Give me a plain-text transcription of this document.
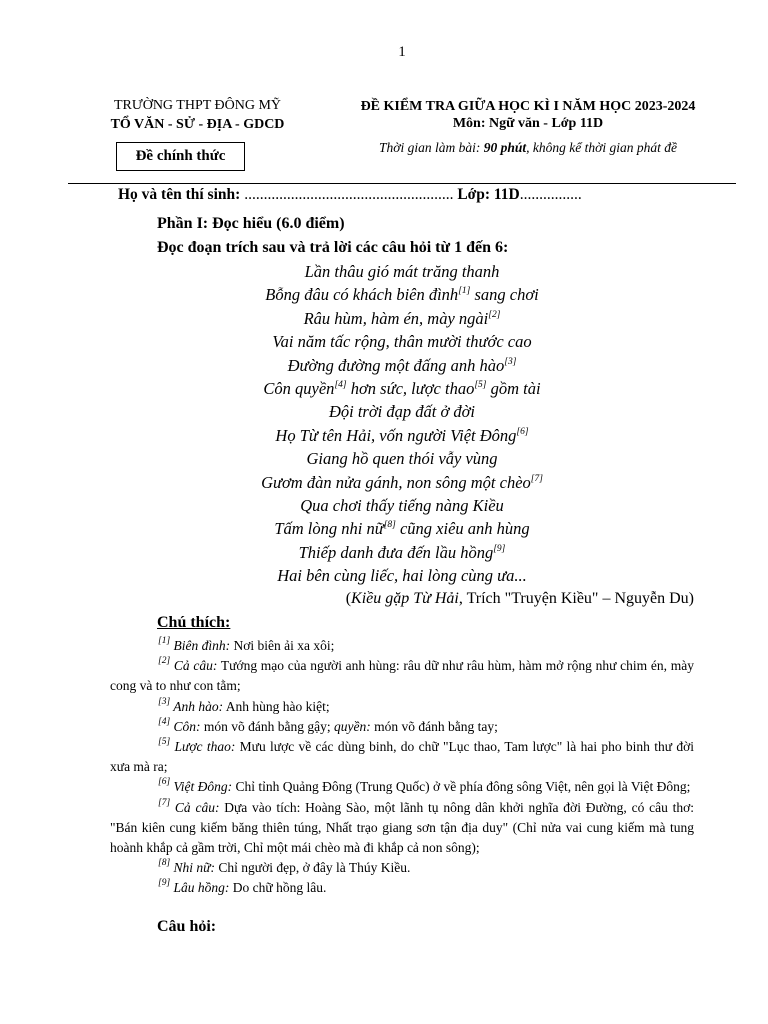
1
TRƯỜNG THPT ĐÔNG MỸ
TỔ VĂN - SỬ - ĐỊA - GDCD
Đề chính thức
ĐỀ KIỂM TRA GIỮA HỌC KÌ I NĂM HỌC 2023-2024
Môn: Ngữ văn - Lớp 11D
Thời gian làm bài: 90 phút, không kể thời gian phát đề
Họ và tên thí sinh: ...................................................... Lớp: 11D................
Phần I: Đọc hiểu (6.0 điểm)
Đọc đoạn trích sau và trả lời các câu hỏi từ 1 đến 6:
Lần thâu gió mát trăng thanh
Bỗng đâu có khách biên đình[1] sang chơi
Râu hùm, hàm én, mày ngài[2]
Vai năm tấc rộng, thân mười thước cao
Đường đường một đấng anh hào[3]
Côn quyền[4] hơn sức, lược thao[5] gồm tài
Đội trời đạp đất ở đời
Họ Từ tên Hải, vốn người Việt Đông[6]
Giang hồ quen thói vẫy vùng
Gươm đàn nửa gánh, non sông một chèo[7]
Qua chơi thấy tiếng nàng Kiều
Tấm lòng nhi nữ[8] cũng xiêu anh hùng
Thiếp danh đưa đến lầu hồng[9]
Hai bên cùng liếc, hai lòng cùng ưa...
(Kiều gặp Từ Hải, Trích "Truyện Kiều" – Nguyễn Du)
Chú thích:

[1] Biên đình: Nơi biên ải xa xôi;

[2] Cả câu: Tướng mạo của người anh hùng: râu dữ như râu hùm, hàm mở rộng như chim én, mày cong và to như con tằm;

[3] Anh hào: Anh hùng hào kiệt;

[4] Côn: món võ đánh bằng gậy; quyền: món võ đánh bằng tay;

[5] Lược thao: Mưu lược về các dùng binh, do chữ "Lục thao, Tam lược" là hai pho binh thư đời xưa mà ra;

[6] Việt Đông: Chỉ tỉnh Quảng Đông (Trung Quốc) ở về phía đông sông Việt, nên gọi là Việt Đông;

[7] Cả câu: Dựa vào tích: Hoàng Sào, một lãnh tụ nông dân khởi nghĩa đời Đường, có câu thơ: "Bán kiên cung kiếm băng thiên túng, Nhất trạo giang sơn tận địa duy" (Chỉ nửa vai cung kiếm mà tung hoành khắp cả gầm trời, Chỉ một mái chèo mà đi khắp cả non sông);

[8] Nhi nữ: Chỉ người đẹp, ở đây là Thúy Kiều.

[9] Lâu hồng: Do chữ hồng lâu.

Câu hỏi:
